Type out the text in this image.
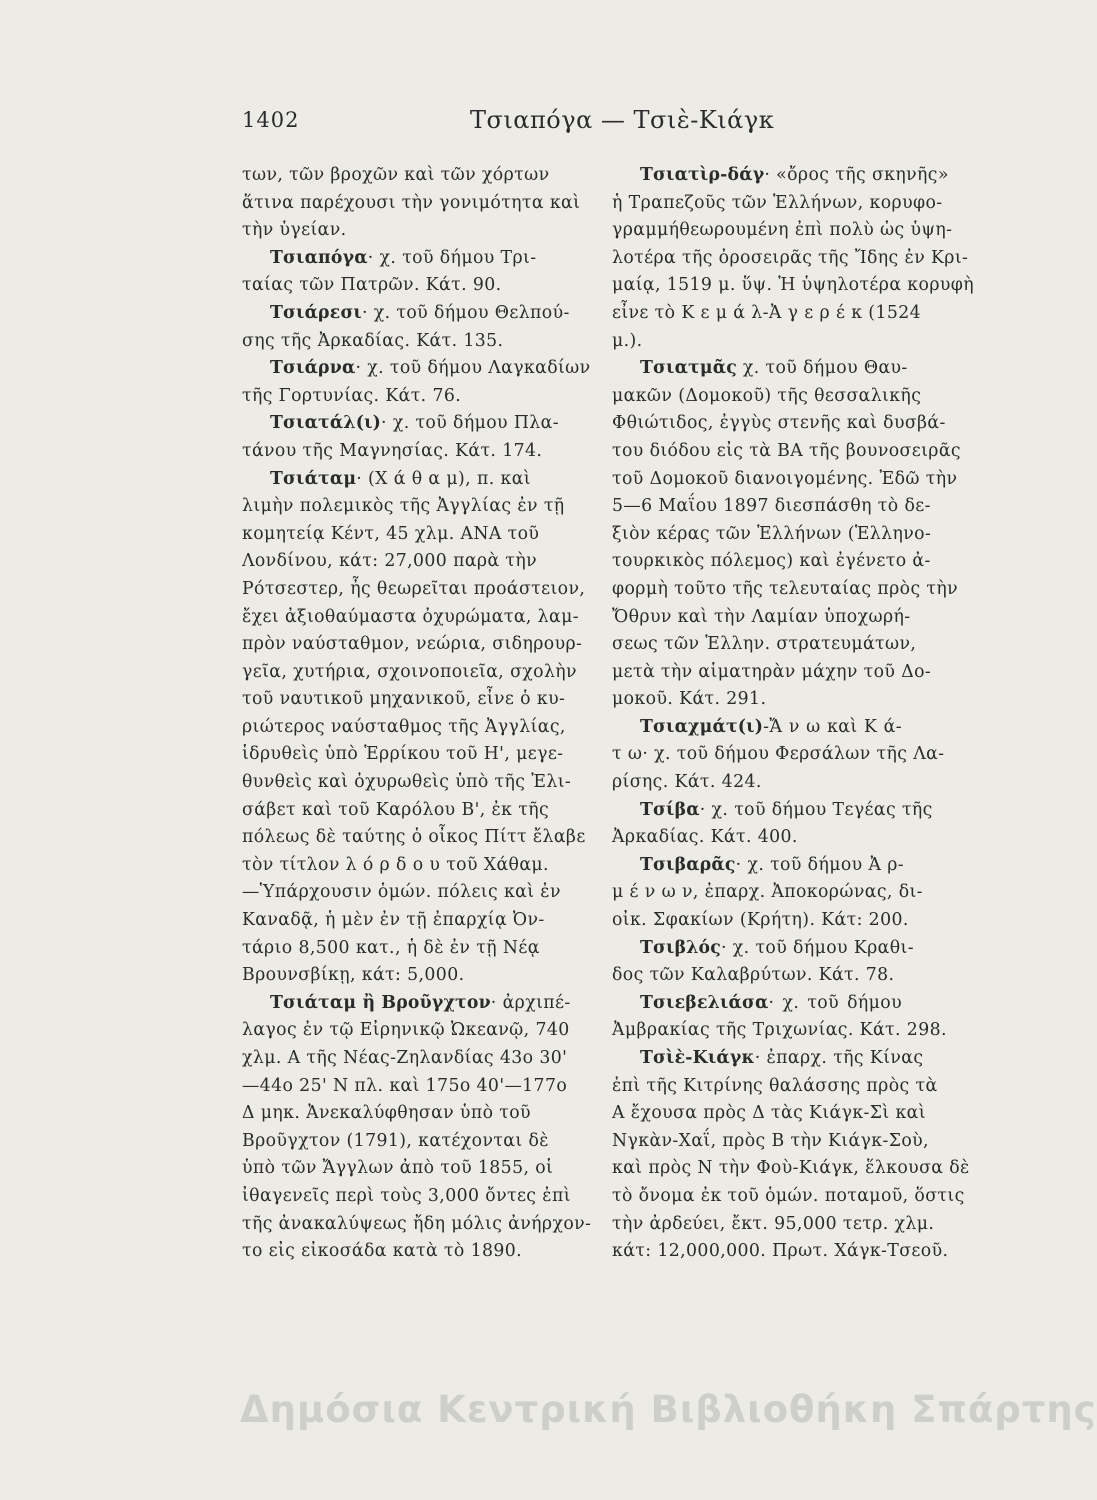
1402	Τσιαπόγα — Τσιὲ-Κιάγκ
των, τῶν βροχῶν καὶ τῶν χόρτων
ἅτινα παρέχουσι τὴν γονιμότητα καὶ
τὴν ὑγείαν.
Τσιαπόγα· χ. τοῦ δήμου Τρι-
ταίας τῶν Πατρῶν. Κάτ. 90.
Τσιάρεσι· χ. τοῦ δήμου Θελπού-
σης τῆς Ἀρκαδίας. Κάτ. 135.
Τσιάρνα· χ. τοῦ δήμου Λαγκαδίων
τῆς Γορτυνίας. Κάτ. 76.
Τσιατάλ(ι)· χ. τοῦ δήμου Πλα-
τάνου τῆς Μαγνησίας. Κάτ. 174.
Τσιάταμ· (Χ ά θ α μ), π. καὶ
λιμὴν πολεμικὸς τῆς Ἀγγλίας ἐν τῇ
κομητείᾳ Κέντ, 45 χλμ. ΑΝΑ τοῦ
Λονδίνου, κάτ: 27,000 παρὰ τὴν
Ρότσεστερ, ἧς θεωρεῖται προάστειον,
ἔχει ἀξιοθαύμαστα ὀχυρώματα, λαμ-
πρὸν ναύσταθμον, νεώρια, σιδηρουρ-
γεῖα, χυτήρια, σχοινοποιεῖα, σχολὴν
τοῦ ναυτικοῦ μηχανικοῦ, εἶνε ὁ κυ-
ριώτερος ναύσταθμος τῆς Ἀγγλίας,
ἱδρυθεὶς ὑπὸ Ἑρρίκου τοῦ Η', μεγε-
θυνθεὶς καὶ ὀχυρωθεὶς ὑπὸ τῆς Ἐλι-
σάβετ καὶ τοῦ Καρόλου Β', ἐκ τῆς
πόλεως δὲ ταύτης ὁ οἶκος Πίττ ἔλαβε
τὸν τίτλον λ ό ρ δ ο υ τοῦ Χάθαμ.
—Ὑπάρχουσιν ὁμών. πόλεις καὶ ἐν
Καναδᾷ, ἡ μὲν ἐν τῇ ἐπαρχίᾳ Ὀν-
τάριο 8,500 κατ., ἡ δὲ ἐν τῇ Νέᾳ
Βρουνσβίκῃ, κάτ: 5,000.
Τσιάταμ ἢ Βροῦγχτον· ἀρχιπέ-
λαγος ἐν τῷ Εἰρηνικῷ Ὠκεανῷ, 740
χλμ. Α τῆς Νέας-Ζηλανδίας 43ο 30'
—44ο 25' Ν πλ. καὶ 175ο 40'—177ο
Δ μηκ. Ἀνεκαλύφθησαν ὑπὸ τοῦ
Βροῦγχτον (1791), κατέχονται δὲ
ὑπὸ τῶν Ἄγγλων ἀπὸ τοῦ 1855, οἱ
ἰθαγενεῖς περὶ τοὺς 3,000 ὄντες ἐπὶ
τῆς ἀνακαλύψεως ἤδη μόλις ἀνήρχον-
το εἰς εἰκοσάδα κατὰ τὸ 1890.
Τσιατὶρ-δάγ· «ὄρος τῆς σκηνῆς»
ἡ Τραπεζοῦς τῶν Ἑλλήνων, κορυφο-
γραμμήθεωρουμένη ἐπὶ πολὺ ὡς ὑψη-
λοτέρα τῆς ὀροσειρᾶς τῆς Ἴδης ἐν Κρι-
μαίᾳ, 1519 μ. ὕψ. Ἡ ὑψηλοτέρα κορυφὴ
εἶνε τὸ Κ ε μ ά λ-Ἀ γ ε ρ έ κ (1524
μ.).
Τσιατμᾶς χ. τοῦ δήμου Θαυ-
μακῶν (Δομοκοῦ) τῆς θεσσαλικῆς
Φθιώτιδος, ἐγγὺς στενῆς καὶ δυσβά-
του διόδου εἰς τὰ ΒΑ τῆς βουνοσειρᾶς
τοῦ Δομοκοῦ διανοιγομένης. Ἐδῶ τὴν
5—6 Μαΐου 1897 διεσπάσθη τὸ δε-
ξιὸν κέρας τῶν Ἑλλήνων (Ἑλληνο-
τουρκικὸς πόλεμος) καὶ ἐγένετο ἀ-
φορμὴ τοῦτο τῆς τελευταίας πρὸς τὴν
Ὄθρυν καὶ τὴν Λαμίαν ὑποχωρή-
σεως τῶν Ἑλλην. στρατευμάτων,
μετὰ τὴν αἱματηρὰν μάχην τοῦ Δο-
μοκοῦ. Κάτ. 291.
Τσιαχμάτ(ι)-Ἄ ν ω καὶ Κ ά-
τ ω· χ. τοῦ δήμου Φερσάλων τῆς Λα-
ρίσης. Κάτ. 424.
Τσίβα· χ. τοῦ δήμου Τεγέας τῆς
Ἀρκαδίας. Κάτ. 400.
Τσιβαρᾶς· χ. τοῦ δήμου Ἀ ρ-
μ έ ν ω ν, ἐπαρχ. Ἀποκορώνας, δι-
οἰκ. Σφακίων (Κρήτη). Κάτ: 200.
Τσιβλός· χ. τοῦ δήμου Κραθι-
δος τῶν Καλαβρύτων. Κάτ. 78.
Τσιεβελιάσα· χ. τοῦ δήμου
Ἀμβρακίας τῆς Τριχωνίας. Κάτ. 298.
Τσὶὲ-Κιάγκ· ἐπαρχ. τῆς Κίνας
ἐπὶ τῆς Κιτρίνης θαλάσσης πρὸς τὰ
Α ἔχουσα πρὸς Δ τὰς Κιάγκ-Σὶ καὶ
Νγκὰν-Χαΐ, πρὸς Β τὴν Κιάγκ-Σοὺ,
καὶ πρὸς Ν τὴν Φοὺ-Κιάγκ, ἕλκουσα δὲ
τὸ ὄνομα ἐκ τοῦ ὁμών. ποταμοῦ, ὅστις
τὴν ἀρδεύει, ἔκτ. 95,000 τετρ. χλμ.
κάτ: 12,000,000. Πρωτ. Χάγκ-Τσεοῦ.
Δημόσια Κεντρική Βιβλιοθήκη Σπάρτης
